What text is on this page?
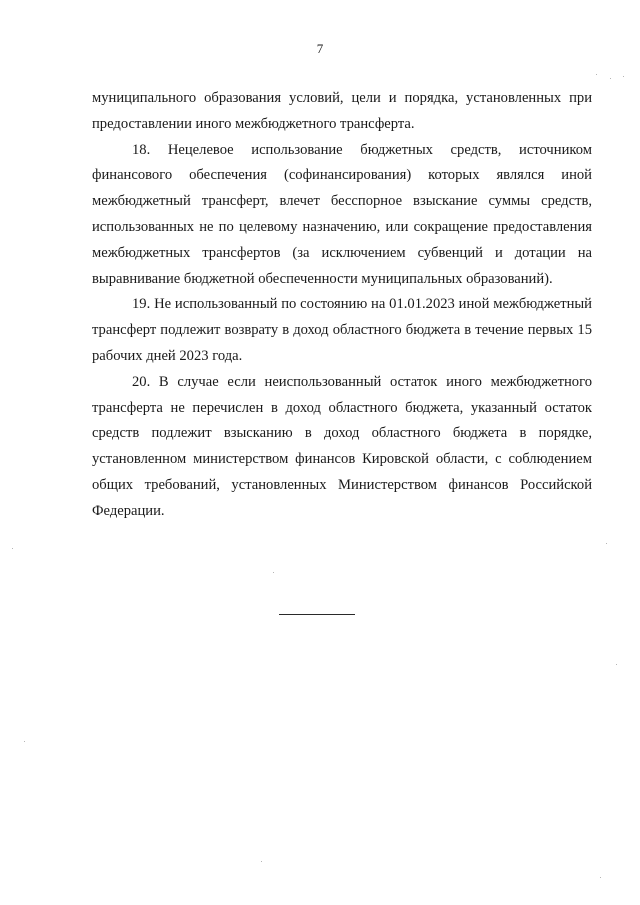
7

муниципального образования условий, цели и порядка, установленных при предоставлении иного межбюджетного трансферта.

18. Нецелевое использование бюджетных средств, источником финансового обеспечения (софинансирования) которых являлся иной межбюджетный трансферт, влечет бесспорное взыскание суммы средств, использованных не по целевому назначению, или сокращение предоставления межбюджетных трансфертов (за исключением субвенций и дотации на выравнивание бюджетной обеспеченности муниципальных образований).

19. Не использованный по состоянию на 01.01.2023 иной межбюджетный трансферт подлежит возврату в доход областного бюджета в течение первых 15 рабочих дней 2023 года.

20. В случае если неиспользованный остаток иного межбюджетного трансферта не перечислен в доход областного бюджета, указанный остаток средств подлежит взысканию в доход областного бюджета в порядке, установленном министерством финансов Кировской области, с соблюдением общих требований, установленных Министерством финансов Российской Федерации.
